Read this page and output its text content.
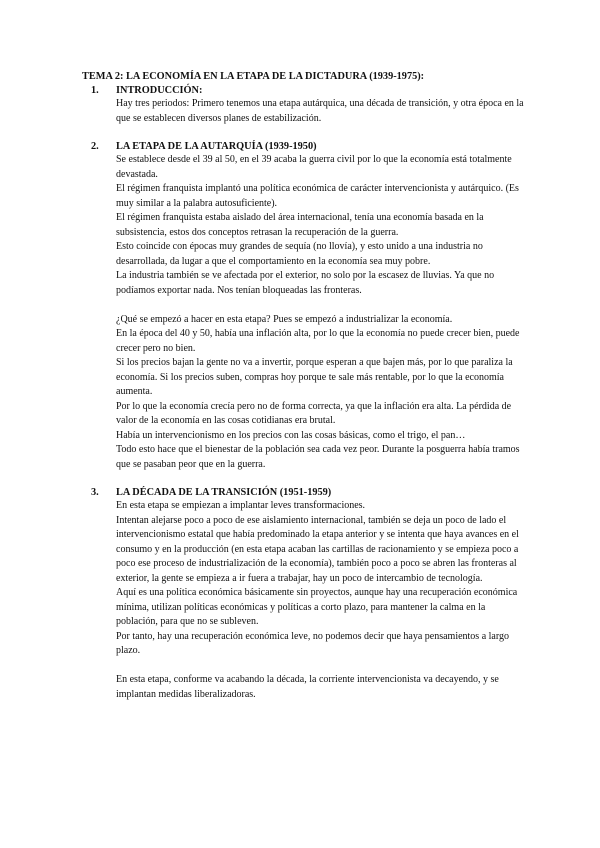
TEMA 2: LA ECONOMÍA EN LA ETAPA DE LA DICTADURA (1939-1975):
1.	INTRODUCCIÓN:

Hay tres periodos: Primero tenemos una etapa autárquica, una década de transición, y otra época en la que se establecen diversos planes de estabilización.

2.	LA ETAPA DE LA AUTARQUÍA (1939-1950)

Se establece desde el 39 al 50, en el 39 acaba la guerra civil por lo que la economía está totalmente devastada.

El régimen franquista implantó una política económica de carácter intervencionista y autárquico. (Es muy similar a la palabra autosuficiente).

El régimen franquista estaba aislado del área internacional, tenía una economía basada en la subsistencia, estos dos conceptos retrasan la recuperación de la guerra.

Esto coincide con épocas muy grandes de sequía (no llovía), y esto unido a una industria no desarrollada, da lugar a que el comportamiento en la economía sea muy pobre.

La industria también se ve afectada por el exterior, no solo por la escasez de lluvias. Ya que no podíamos exportar nada. Nos tenían bloqueadas las fronteras.

¿Qué se empezó a hacer en esta etapa? Pues se empezó a industrializar la economía.

En la época del 40 y 50, había una inflación alta, por lo que la economía no puede crecer bien, puede crecer pero no bien.

Si los precios bajan la gente no va a invertir, porque esperan a que bajen más, por lo que paraliza la economía. Si los precios suben, compras hoy porque te sale más rentable, por lo que la economía aumenta.

Por lo que la economía crecía pero no de forma correcta, ya que la inflación era alta. La pérdida de valor de la economía en las cosas cotidianas era brutal.

Había un intervencionismo en los precios con las cosas básicas, como el trigo, el pan…

Todo esto hace que el bienestar de la población sea cada vez peor. Durante la posguerra había tramos que se pasaban peor que en la guerra.

3.	LA DÉCADA DE LA TRANSICIÓN (1951-1959)

En esta etapa se empiezan a implantar leves transformaciones.

Intentan alejarse poco a poco de ese aislamiento internacional, también se deja un poco de lado el intervencionismo estatal que había predominado la etapa anterior y se intenta que haya avances en el consumo y en la producción (en esta etapa acaban las cartillas de racionamiento y se empieza poco a poco ese proceso de industrialización de la economía), también poco a poco se abren las fronteras al exterior, la gente se empieza a ir fuera a trabajar, hay un poco de intercambio de tecnología.

Aquí es una política económica básicamente sin proyectos, aunque hay una recuperación económica mínima, utilizan políticas económicas y políticas a corto plazo, para mantener la calma en la población, para que no se subleven.

Por tanto, hay una recuperación económica leve, no podemos decir que haya pensamientos a largo plazo.

En esta etapa, conforme va acabando la década, la corriente intervencionista va decayendo, y se implantan medidas liberalizadoras.
